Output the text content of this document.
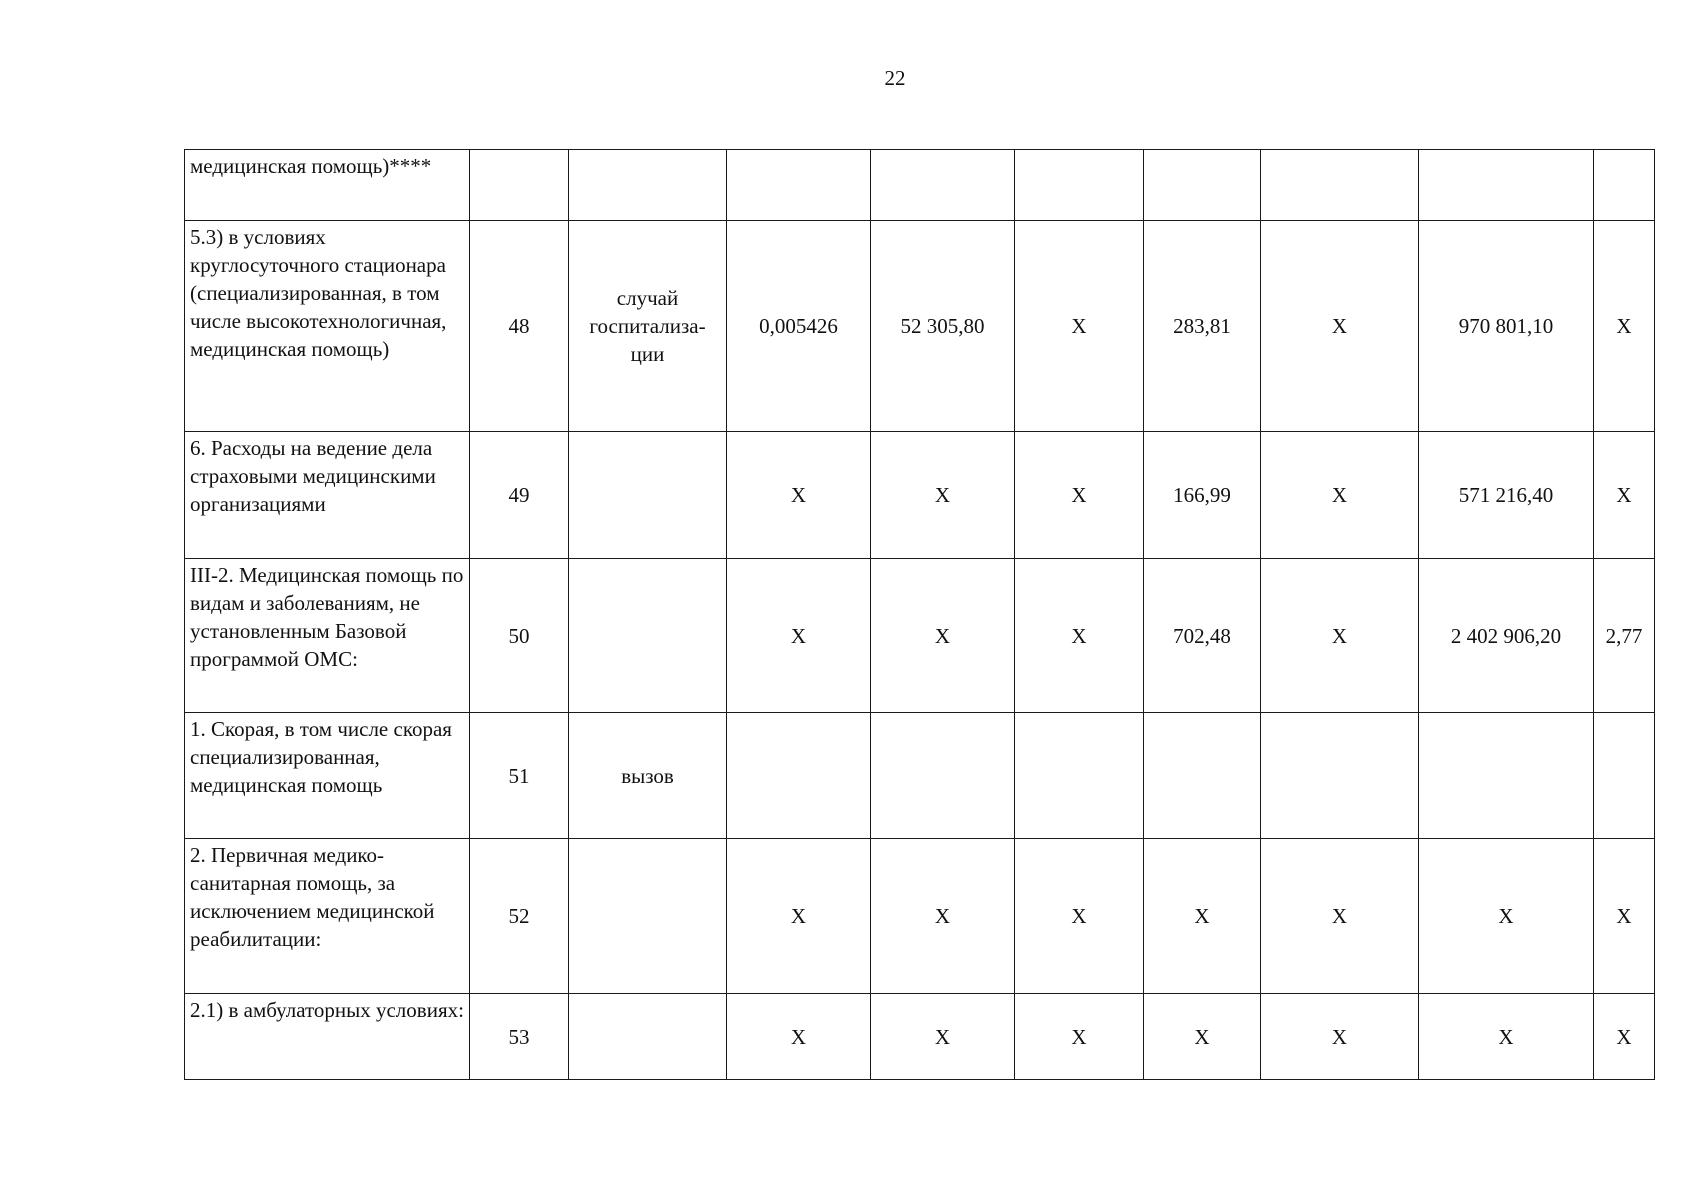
22
медицинская помощь)****									
5.3) в условиях круглосуточного стационара (специализированная, в том числе высокотехнологичная, медицинская помощь)	48	случай госпитализа-ции	0,005426	52 305,80	Х	283,81	Х	970 801,10	Х
6. Расходы на ведение дела страховыми медицинскими организациями	49		Х	Х	Х	166,99	Х	571 216,40	Х
III-2. Медицинская помощь по видам и заболеваниям, не установленным Базовой программой ОМС:	50		Х	Х	Х	702,48	Х	2 402 906,20	2,77
1. Скорая, в том числе скорая специализированная, медицинская помощь	51	вызов							
2. Первичная медико-санитарная помощь, за исключением медицинской реабилитации:	52		Х	Х	Х	Х	Х	Х	Х
2.1) в амбулаторных условиях:	53		Х	Х	Х	Х	Х	Х	Х
